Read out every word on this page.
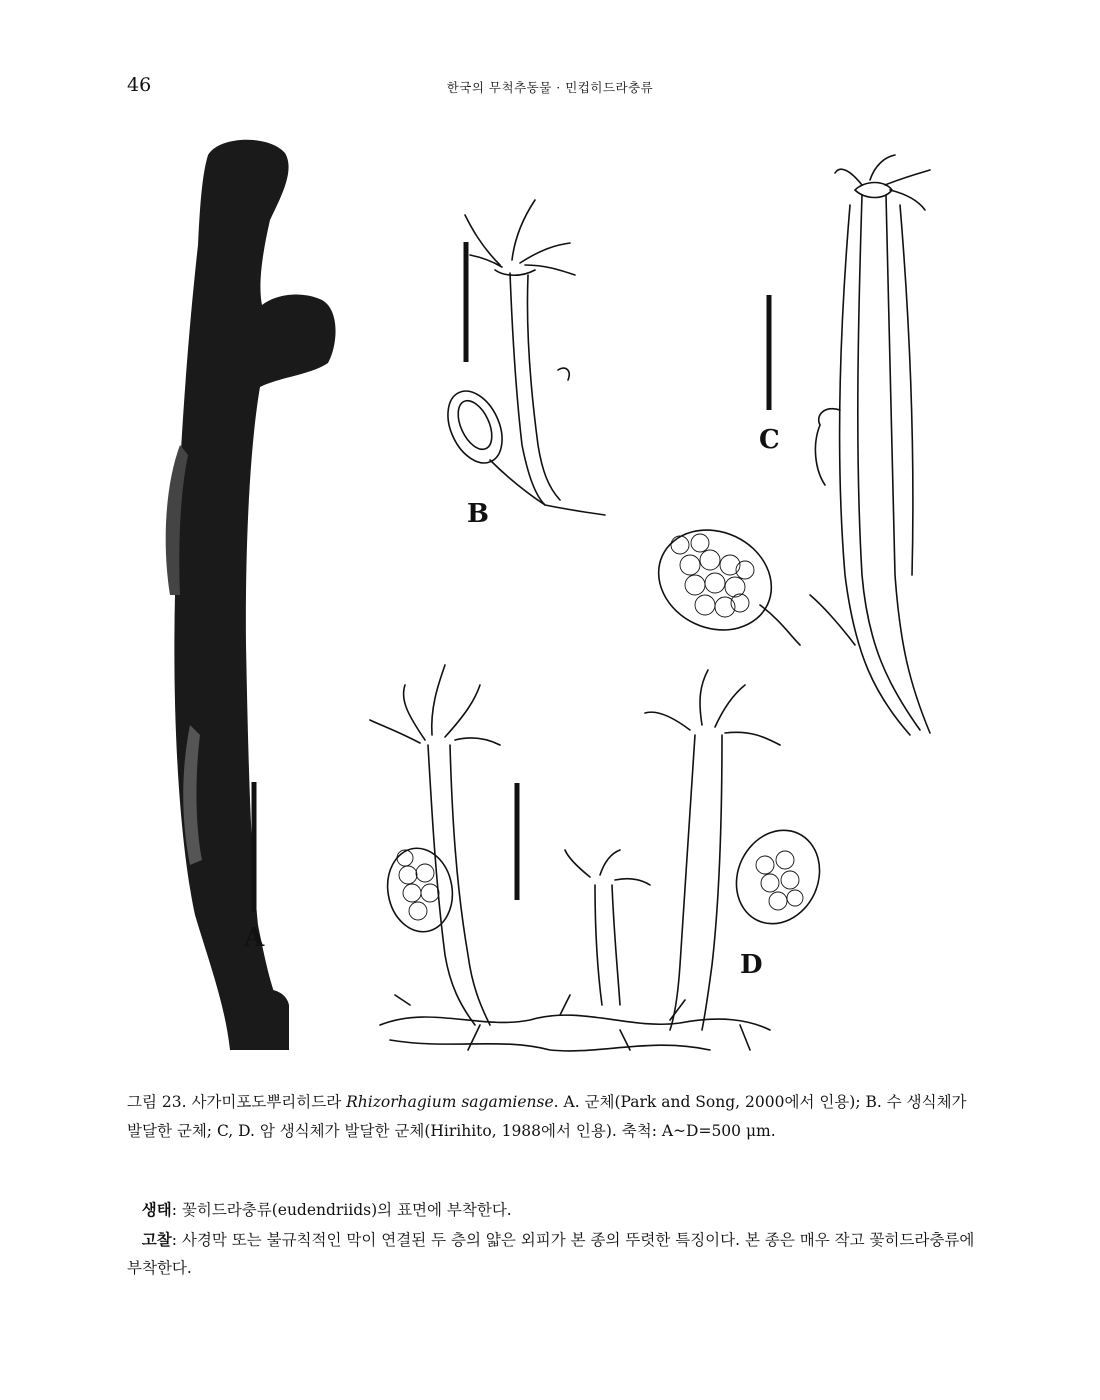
46	한국의 무척추동물 · 민컵히드라충류
A
B
C
D
그림 23. 사가미포도뿌리히드라 Rhizorhagium sagamiense. A. 군체(Park and Song, 2000에서 인용); B. 수 생식체가 발달한 군체; C, D. 암 생식체가 발달한 군체(Hirihito, 1988에서 인용). 축척: A~D=500 μm.
생태: 꽃히드라충류(eudendriids)의 표면에 부착한다.
고찰: 사경막 또는 불규칙적인 막이 연결된 두 층의 얇은 외피가 본 종의 뚜렷한 특징이다. 본 종은 매우 작고 꽃히드라충류에 부착한다.
